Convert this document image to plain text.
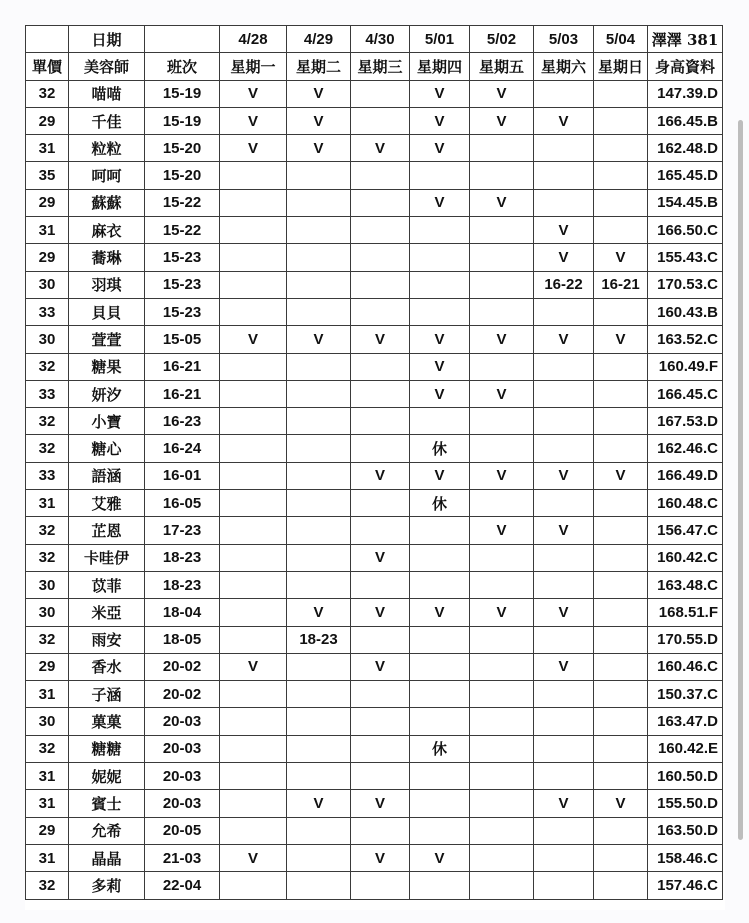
	日期		4/28	4/29	4/30	5/01	5/02	5/03	5/04	澤澤 381
單價	美容師	班次	星期一	星期二	星期三	星期四	星期五	星期六	星期日	身高資料
32	喵喵	15-19	V	V		V	V			147.39.D
29	千佳	15-19	V	V		V	V	V		166.45.B
31	粒粒	15-20	V	V	V	V				162.48.D
35	呵呵	15-20								165.45.D
29	蘇蘇	15-22				V	V			154.45.B
31	麻衣	15-22						V		166.50.C
29	蕎琳	15-23						V	V	155.43.C
30	羽琪	15-23						16-22	16-21	170.53.C
33	貝貝	15-23								160.43.B
30	萱萱	15-05	V	V	V	V	V	V	V	163.52.C
32	糖果	16-21				V				160.49.F
33	妍汐	16-21				V	V			166.45.C
32	小寶	16-23								167.53.D
32	糖心	16-24				休				162.46.C
33	語涵	16-01			V	V	V	V	V	166.49.D
31	艾雅	16-05				休				160.48.C
32	芷恩	17-23					V	V		156.47.C
32	卡哇伊	18-23			V					160.42.C
30	苡菲	18-23								163.48.C
30	米亞	18-04		V	V	V	V	V		168.51.F
32	雨安	18-05		18-23						170.55.D
29	香水	20-02	V		V			V		160.46.C
31	子涵	20-02								150.37.C
30	菓菓	20-03								163.47.D
32	糖糖	20-03				休				160.42.E
31	妮妮	20-03								160.50.D
31	賓士	20-03		V	V			V	V	155.50.D
29	允希	20-05								163.50.D
31	晶晶	21-03	V		V	V				158.46.C
32	多莉	22-04								157.46.C
